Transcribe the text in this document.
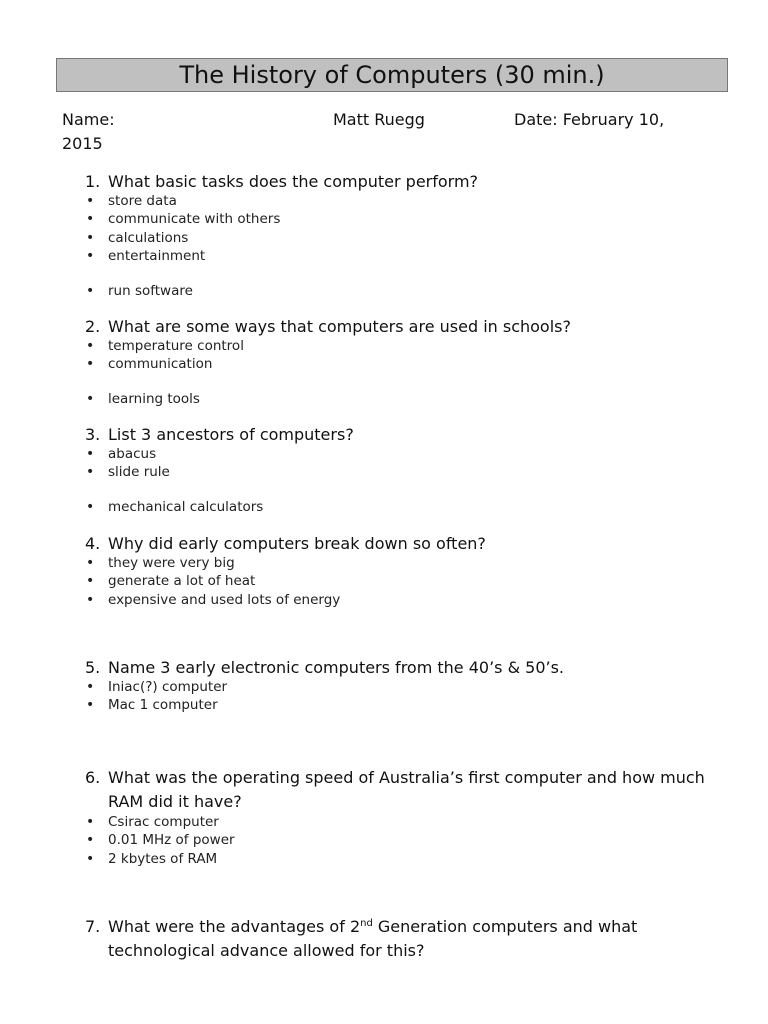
The History of Computers (30 min.)
Name:	Matt Ruegg	Date: February 10,
2015
1. What basic tasks does the computer perform?
• store data
• communicate with others
• calculations
• entertainment
• run software
2. What are some ways that computers are used in schools?
• temperature control
• communication
• learning tools
3. List 3 ancestors of computers?
• abacus
• slide rule
• mechanical calculators
4. Why did early computers break down so often?
• they were very big
• generate a lot of heat
• expensive and used lots of energy
5. Name 3 early electronic computers from the 40’s & 50’s.
• Iniac(?) computer
• Mac 1 computer
6. What was the operating speed of Australia’s first computer and how much RAM did it have?
• Csirac computer
• 0.01 MHz of power
• 2 kbytes of RAM
7. What were the advantages of 2nd Generation computers and what technological advance allowed for this?
